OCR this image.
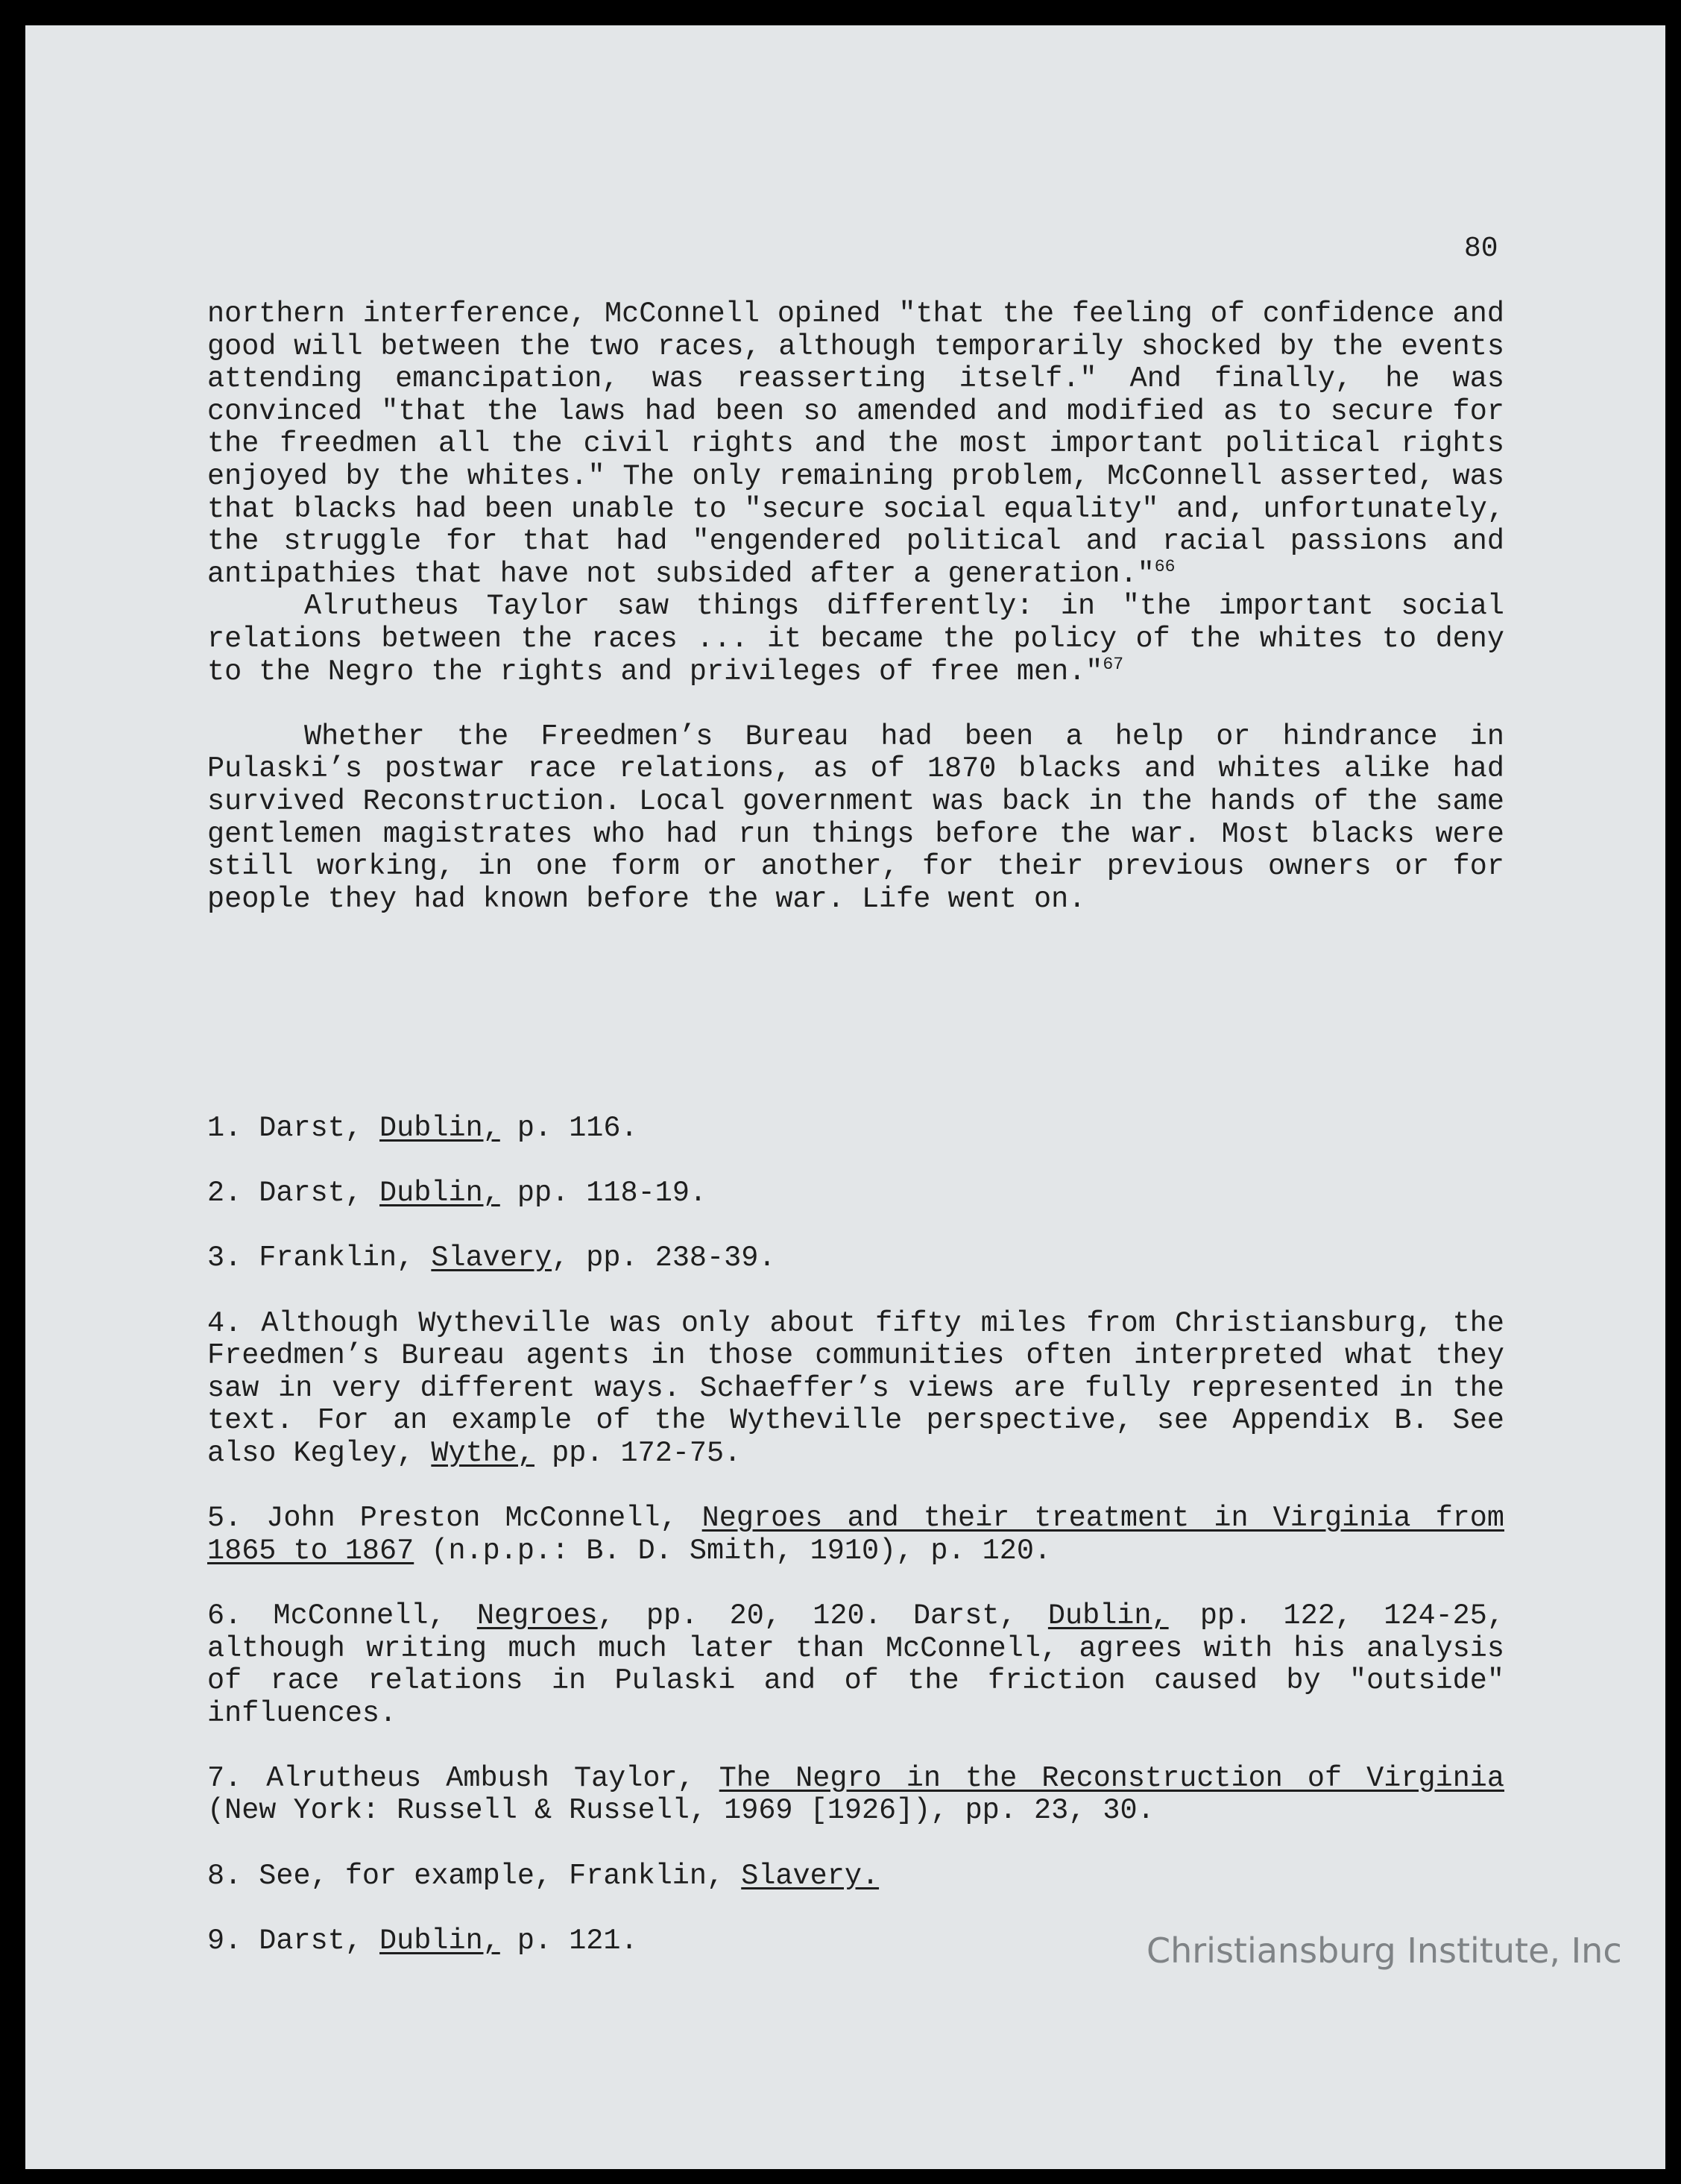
80

northern interference, McConnell opined "that the feeling of confidence and good will between the two races, although temporarily shocked by the events attending emancipation, was reasserting itself." And finally, he was convinced "that the laws had been so amended and modified as to secure for the freedmen all the civil rights and the most important political rights enjoyed by the whites." The only remaining problem, McConnell asserted, was that blacks had been unable to "secure social equality" and, unfortunately, the struggle for that had "engendered political and racial passions and antipathies that have not subsided after a generation."$^{66}$

Alrutheus Taylor saw things differently: in "the important social relations between the races ... it became the policy of the whites to deny to the Negro the rights and privileges of free men."$^{67}$

Whether the Freedmen’s Bureau had been a help or hindrance in Pulaski’s postwar race relations, as of 1870 blacks and whites alike had survived Reconstruction. Local government was back in the hands of the same gentlemen magistrates who had run things before the war. Most blacks were still working, in one form or another, for their previous owners or for people they had known before the war. Life went on.

1. Darst, Dublin, p. 116.

2. Darst, Dublin, pp. 118-19.

3. Franklin, Slavery, pp. 238-39.

4. Although Wytheville was only about fifty miles from Christiansburg, the Freedmen’s Bureau agents in those communities often interpreted what they saw in very different ways. Schaeffer’s views are fully represented in the text. For an example of the Wytheville perspective, see Appendix B. See also Kegley, Wythe, pp. 172-75.

5. John Preston McConnell, Negroes and their treatment in Virginia from 1865 to 1867 (n.p.p.: B. D. Smith, 1910), p. 120.

6. McConnell, Negroes, pp. 20, 120. Darst, Dublin, pp. 122, 124-25, although writing much much later than McConnell, agrees with his analysis of race relations in Pulaski and of the friction caused by "outside" influences.

7. Alrutheus Ambush Taylor, The Negro in the Reconstruction of Virginia (New York: Russell & Russell, 1969 [1926]), pp. 23, 30.

8. See, for example, Franklin, Slavery.

9. Darst, Dublin, p. 121.	Christiansburg Institute, Inc
